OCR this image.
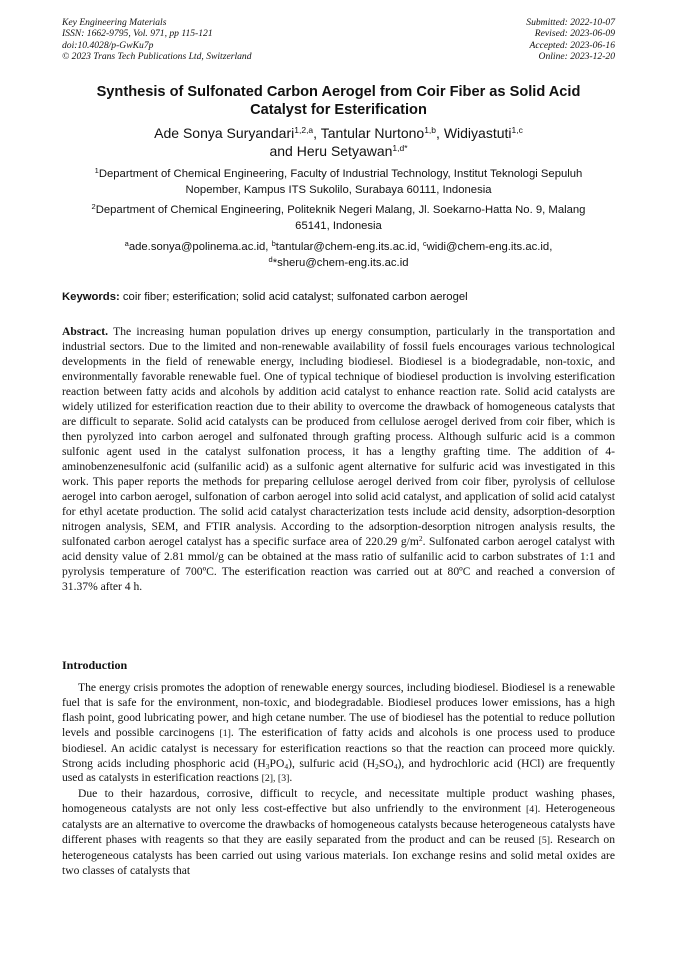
Key Engineering Materials
ISSN: 1662-9795, Vol. 971, pp 115-121
doi:10.4028/p-GwKu7p
© 2023 Trans Tech Publications Ltd, Switzerland
Submitted: 2022-10-07
Revised: 2023-06-09
Accepted: 2023-06-16
Online: 2023-12-20
Synthesis of Sulfonated Carbon Aerogel from Coir Fiber as Solid Acid
Catalyst for Esterification
Ade Sonya Suryandari$^{1,2,a}$, Tantular Nurtono$^{1,b}$, Widiyastuti$^{1,c}$
and Heru Setyawan$^{1,d*}$
$^1$Department of Chemical Engineering, Faculty of Industrial Technology, Institut Teknologi Sepuluh
Nopember, Kampus ITS Sukolilo, Surabaya 60111, Indonesia
$^2$Department of Chemical Engineering, Politeknik Negeri Malang, Jl. Soekarno-Hatta No. 9, Malang
65141, Indonesia
$^a$ade.sonya@polinema.ac.id, $^b$tantular@chem-eng.its.ac.id, $^c$widi@chem-eng.its.ac.id,
$^d$*sheru@chem-eng.its.ac.id
Keywords: coir fiber; esterification; solid acid catalyst; sulfonated carbon aerogel
Abstract. The increasing human population drives up energy consumption, particularly in the transportation and industrial sectors. Due to the limited and non-renewable availability of fossil fuels encourages various technological developments in the field of renewable energy, including biodiesel. Biodiesel is a biodegradable, non-toxic, and environmentally favorable renewable fuel. One of typical technique of biodiesel production is involving esterification reaction between fatty acids and alcohols by addition acid catalyst to enhance reaction rate. Solid acid catalysts are widely utilized for esterification reaction due to their ability to overcome the drawback of homogeneous catalysts that are difficult to separate. Solid acid catalysts can be produced from cellulose aerogel derived from coir fiber, which is then pyrolyzed into carbon aerogel and sulfonated through grafting process. Although sulfuric acid is a common sulfonic agent used in the catalyst sulfonation process, it has a lengthy grafting time. The addition of 4-aminobenzenesulfonic acid (sulfanilic acid) as a sulfonic agent alternative for sulfuric acid was investigated in this work. This paper reports the methods for preparing cellulose aerogel derived from coir fiber, pyrolysis of cellulose aerogel into carbon aerogel, sulfonation of carbon aerogel into solid acid catalyst, and application of solid acid catalyst for ethyl acetate production. The solid acid catalyst characterization tests include acid density, adsorption-desorption nitrogen analysis, SEM, and FTIR analysis. According to the adsorption-desorption nitrogen analysis results, the sulfonated carbon aerogel catalyst has a specific surface area of 220.29 $g/m^2$. Sulfonated carbon aerogel catalyst with acid density value of 2.81 mmol/g can be obtained at the mass ratio of sulfanilic acid to carbon substrates of 1:1 and pyrolysis temperature of 700ºC. The esterification reaction was carried out at 80ºC and reached a conversion of 31.37% after 4 h.
Introduction

The energy crisis promotes the adoption of renewable energy sources, including biodiesel. Biodiesel is a renewable fuel that is safe for the environment, non-toxic, and biodegradable. Biodiesel produces lower emissions, has a high flash point, good lubricating power, and high cetane number. The use of biodiesel has the potential to reduce pollution levels and possible carcinogens [1]. The esterification of fatty acids and alcohols is one process used to produce biodiesel. An acidic catalyst is necessary for esterification reactions so that the reaction can proceed more quickly. Strong acids including phosphoric acid $(H_3PO_4)$, sulfuric acid $(H_2SO_4)$, and hydrochloric acid (HCl) are frequently used as catalysts in esterification reactions [2], [3].

Due to their hazardous, corrosive, difficult to recycle, and necessitate multiple product washing phases, homogeneous catalysts are not only less cost-effective but also unfriendly to the environment [4]. Heterogeneous catalysts are an alternative to overcome the drawbacks of homogeneous catalysts because heterogeneous catalysts have different phases with reagents so that they are easily separated from the product and can be reused [5]. Research on heterogeneous catalysts has been carried out using various materials. Ion exchange resins and solid metal oxides are two classes of catalysts that
